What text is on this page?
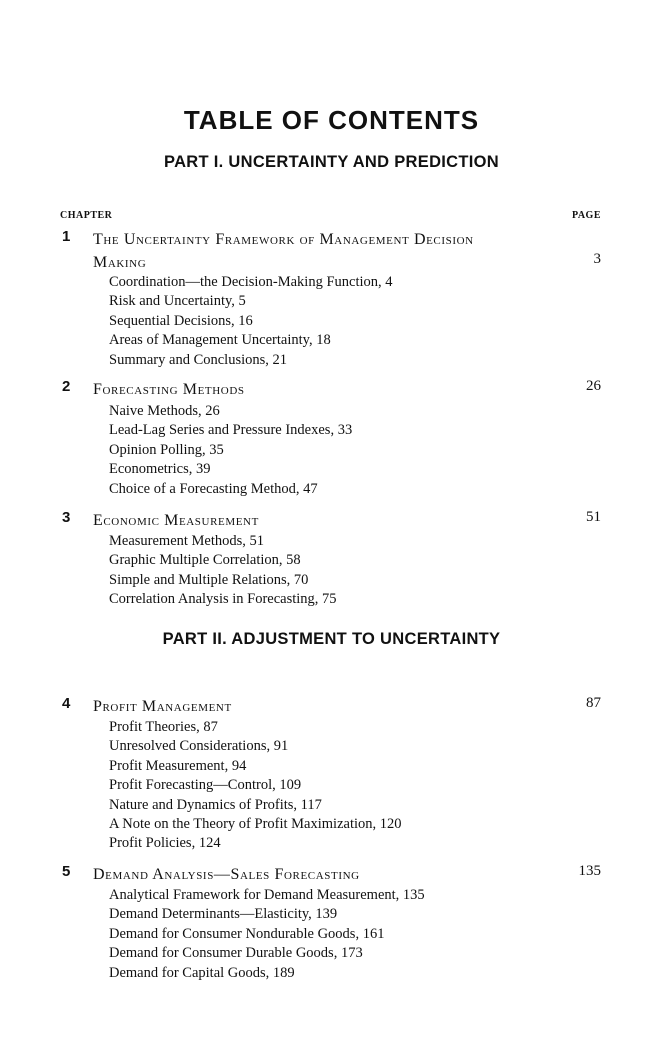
TABLE OF CONTENTS
PART I. UNCERTAINTY AND PREDICTION
CHAPTER	PAGE
1 The Uncertainty Framework of Management Decision
Making	3
Coordination—the Decision-Making Function, 4
Risk and Uncertainty, 5
Sequential Decisions, 16
Areas of Management Uncertainty, 18
Summary and Conclusions, 21
2 Forecasting Methods	26
Naive Methods, 26
Lead-Lag Series and Pressure Indexes, 33
Opinion Polling, 35
Econometrics, 39
Choice of a Forecasting Method, 47
3 Economic Measurement	51
Measurement Methods, 51
Graphic Multiple Correlation, 58
Simple and Multiple Relations, 70
Correlation Analysis in Forecasting, 75
PART II. ADJUSTMENT TO UNCERTAINTY
4 Profit Management	87
Profit Theories, 87
Unresolved Considerations, 91
Profit Measurement, 94
Profit Forecasting—Control, 109
Nature and Dynamics of Profits, 117
A Note on the Theory of Profit Maximization, 120
Profit Policies, 124
5 Demand Analysis—Sales Forecasting	135
Analytical Framework for Demand Measurement, 135
Demand Determinants—Elasticity, 139
Demand for Consumer Nondurable Goods, 161
Demand for Consumer Durable Goods, 173
Demand for Capital Goods, 189
